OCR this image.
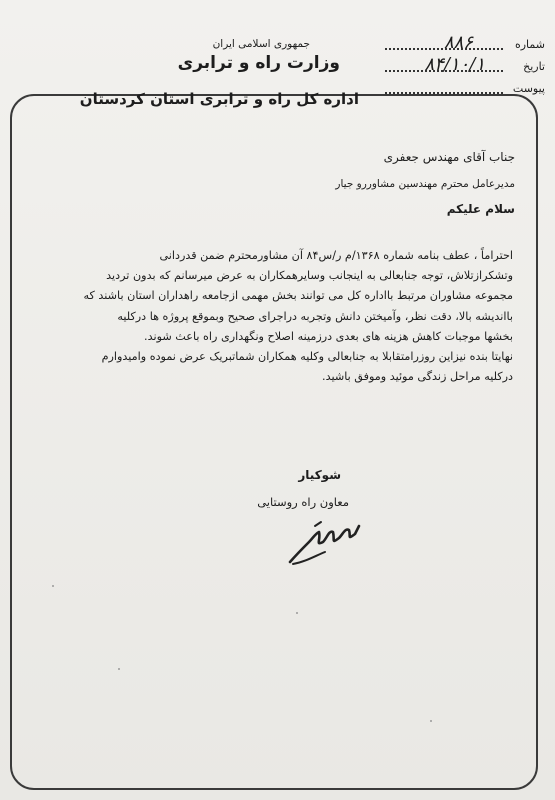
جمهوری اسلامی ایران
وزارت راه و ترابری
اداره کل راه و ترابری استان کردستان
شماره
۸۸۶
تاریخ
۸۴/۱۰/۱
پیوست
جناب آقای مهندس جعفری
مدیرعامل محترم مهندسین مشاوررو جیار
سلام علیکم

احتراماً ، عطف بنامه شماره ۱۳۶۸/م ر/س۸۴ آن مشاورمحترم ضمن قدردانی

وتشکرازتلاش، توجه جنابعالی به اینجانب وسایرهمکاران به عرض میرسانم که بدون تردید

مجموعه مشاوران مرتبط بااداره کل می توانند بخش مهمی ازجامعه راهداران استان باشند که

بااندیشه بالا، دقت نظر، وآمیختن دانش وتجربه دراجرای صحیح وبموقع پروژه ها درکلیه

بخشها موجبات کاهش هزینه های بعدی درزمینه اصلاح ونگهداری راه باعث شوند.

نهایتا بنده نیزاین روزرامتقابلا به جنابعالی وکلیه همکاران شماتبریک عرض نموده وامیدوارم

درکلیه مراحل زندگی موئید وموفق باشید.

شوکیار
معاون راه روستایی
